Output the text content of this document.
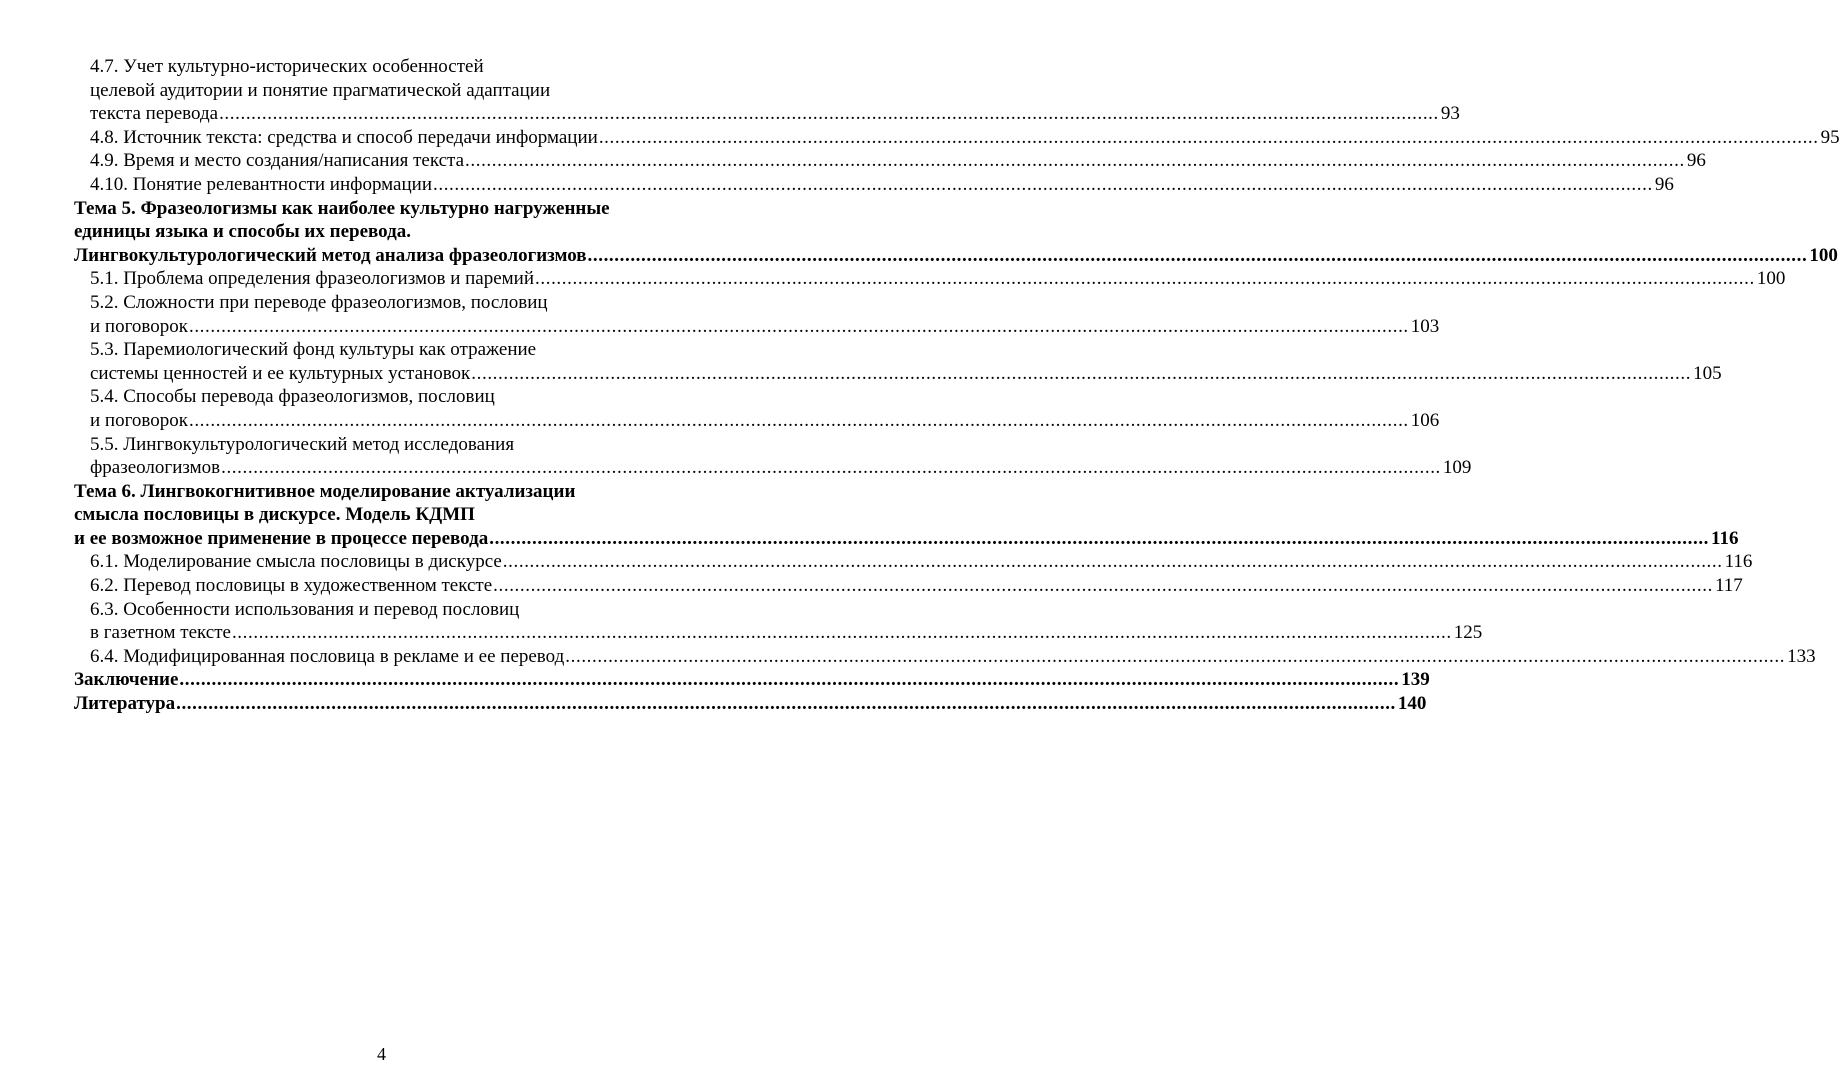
4.7. Учет культурно-исторических особенностей
целевой аудитории и понятие прагматической адаптации
текста перевода .....	93
4.8. Источник текста: средства и способ передачи информации .....	95
4.9. Время и место создания/написания текста .....	96
4.10. Понятие релевантности информации .....	96
Тема 5. Фразеологизмы как наиболее культурно нагруженные
единицы языка и способы их перевода.
Лингвокультурологический метод анализа фразеологизмов .....	100
5.1. Проблема определения фразеологизмов и паремий .....	100
5.2. Сложности при переводе фразеологизмов, пословиц
и поговорок .....	103
5.3. Паремиологический фонд культуры как отражение
системы ценностей и ее культурных установок .....	105
5.4. Способы перевода фразеологизмов, пословиц
и поговорок .....	106
5.5. Лингвокультурологический метод исследования
фразеологизмов .....	109
Тема 6. Лингвокогнитивное моделирование актуализации
смысла пословицы в дискурсе. Модель КДМП
и ее возможное применение в процессе перевода .....	116
6.1. Моделирование смысла пословицы в дискурсе .....	116
6.2. Перевод пословицы в художественном тексте .....	117
6.3. Особенности использования и перевод пословиц
в газетном тексте .....	125
6.4. Модифицированная пословица в рекламе и ее перевод .....	133
Заключение .....	139
Литература .....	140
4
